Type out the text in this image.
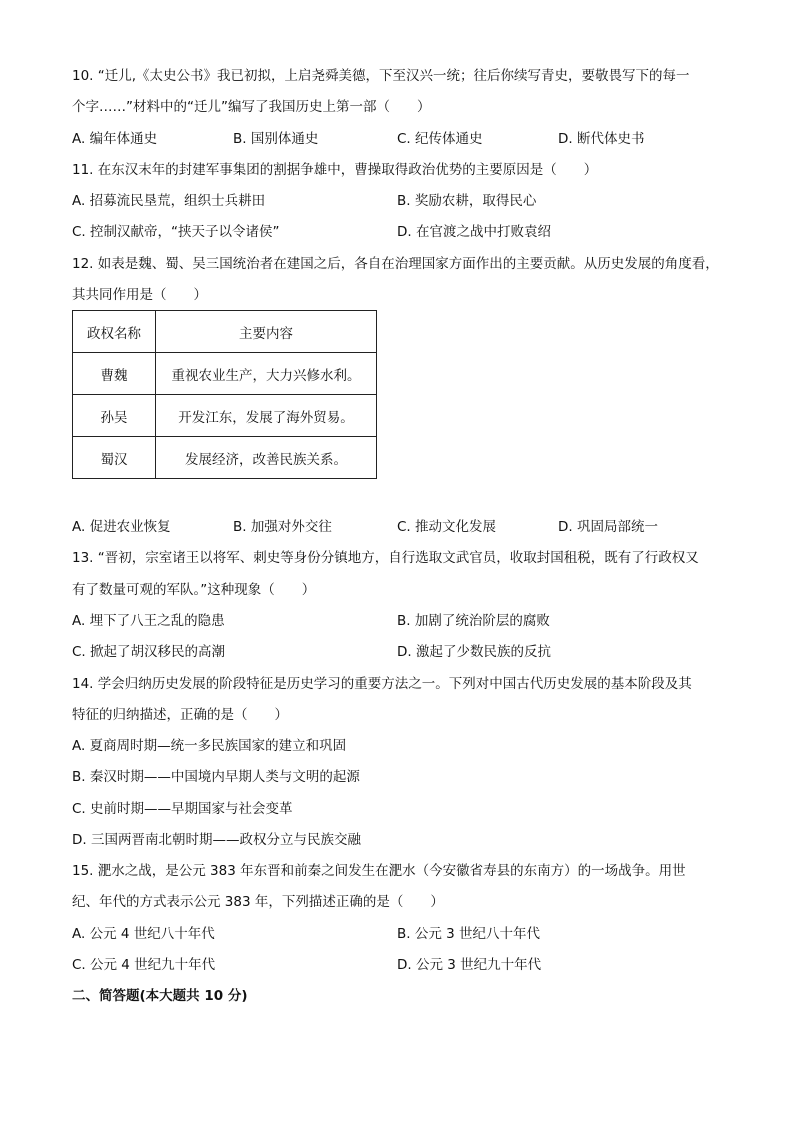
10. “迁儿,《太史公书》我已初拟，上启尧舜美德，下至汉兴一统；往后你续写青史，要敬畏写下的每一
个字……”材料中的“迁儿”编写了我国历史上第一部（　　）
A. 编年体通史	B. 国别体通史	C. 纪传体通史	D. 断代体史书
11. 在东汉末年的封建军事集团的割据争雄中，曹操取得政治优势的主要原因是（　　）
A. 招募流民垦荒，组织士兵耕田	B. 奖励农耕，取得民心
C. 控制汉献帝，“挟天子以令诸侯”	D. 在官渡之战中打败袁绍
12. 如表是魏、蜀、吴三国统治者在建国之后，各自在治理国家方面作出的主要贡献。从历史发展的角度看，
其共同作用是（　　）
政权名称	主要内容
曹魏	重视农业生产，大力兴修水利。
孙吴	开发江东，发展了海外贸易。
蜀汉	发展经济，改善民族关系。
A. 促进农业恢复	B. 加强对外交往	C. 推动文化发展	D. 巩固局部统一
13. “晋初，宗室诸王以将军、刺史等身份分镇地方，自行选取文武官员，收取封国租税，既有了行政权又
有了数量可观的军队。”这种现象（　　）
A. 埋下了八王之乱的隐患	B. 加剧了统治阶层的腐败
C. 掀起了胡汉移民的高潮	D. 激起了少数民族的反抗
14. 学会归纳历史发展的阶段特征是历史学习的重要方法之一。下列对中国古代历史发展的基本阶段及其
特征的归纳描述，正确的是（　　）
A. 夏商周时期—统一多民族国家的建立和巩固
B. 秦汉时期——中国境内早期人类与文明的起源
C. 史前时期——早期国家与社会变革
D. 三国两晋南北朝时期——政权分立与民族交融
15. 淝水之战，是公元 383 年东晋和前秦之间发生在淝水（今安徽省寿县的东南方）的一场战争。用世
纪、年代的方式表示公元 383 年，下列描述正确的是（　　）
A. 公元 4 世纪八十年代	B. 公元 3 世纪八十年代
C. 公元 4 世纪九十年代	D. 公元 3 世纪九十年代
二、简答题(本大题共 10 分)
